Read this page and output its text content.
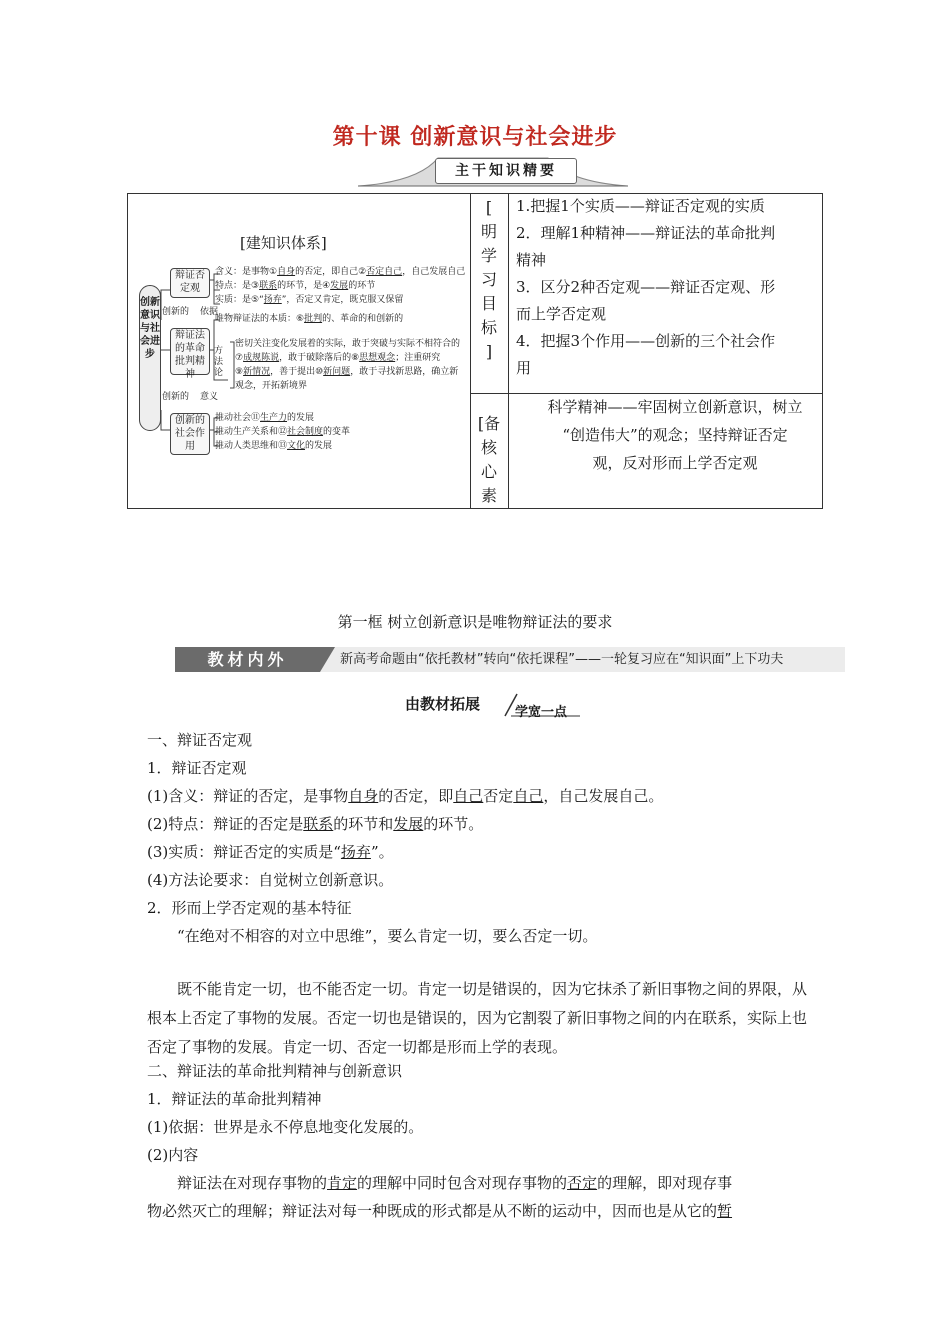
第十课 创新意识与社会进步
主干知识精要
[建知识体系]
创新意识与社会进步
辩证否定观
辩证法的革命批判精神
创新的社会作用
创新的 依据
创新的 意义
方法论
含义：是事物①自身的否定，即自己②否定自己，自己发展自己
特点：是③联系的环节，是④发展的环节
实质：是⑤“扬弃”，否定又肯定，既克服又保留
唯物辩证法的本质：⑥批判的、革命的和创新的
密切关注变化发展着的实际，敢于突破与实际不相符合的
⑦成规陈说，敢于破除落后的⑧思想观念；注重研究
⑨新情况，善于提出⑩新问题，敢于寻找新思路，确立新
观念，开拓新境界
推动社会⑪生产力的发展
推动生产关系和⑫社会制度的变革
推动人类思维和⑬文化的发展
[
明
学
习
目
标
]
1.把握1个实质——辩证否定观的实质
2．理解1种精神——辩证法的革命批判
精神
3．区分2种否定观——辩证否定观、形
而上学否定观
4．把握3个作用——创新的三个社会作
用
[备
核
心
素
科学精神——牢固树立创新意识，树立
“创造伟大”的观念；坚持辩证否定
观，反对形而上学否定观
第一框 树立创新意识是唯物辩证法的要求
教材内外	新高考命题由“依托教材”转向“依托课程”——一轮复习应在“知识面”上下功夫
由教材拓展	学宽一点
一、辩证否定观
1．辩证否定观
(1)含义：辩证的否定，是事物自身的否定，即自己否定自己，自己发展自己。
(2)特点：辩证的否定是联系的环节和发展的环节。
(3)实质：辩证否定的实质是“扬弃”。
(4)方法论要求：自觉树立创新意识。
2．形而上学否定观的基本特征
“在绝对不相容的对立中思维”，要么肯定一切，要么否定一切。
既不能肯定一切，也不能否定一切。肯定一切是错误的，因为它抹杀了新旧事物之间的界限，从根本上否定了事物的发展。否定一切也是错误的，因为它割裂了新旧事物之间的内在联系，实际上也否定了事物的发展。肯定一切、否定一切都是形而上学的表现。
二、辩证法的革命批判精神与创新意识
1．辩证法的革命批判精神
(1)依据：世界是永不停息地变化发展的。
(2)内容
辩证法在对现存事物的肯定的理解中同时包含对现存事物的否定的理解，即对现存事
物必然灭亡的理解；辩证法对每一种既成的形式都是从不断的运动中，因而也是从它的暂
